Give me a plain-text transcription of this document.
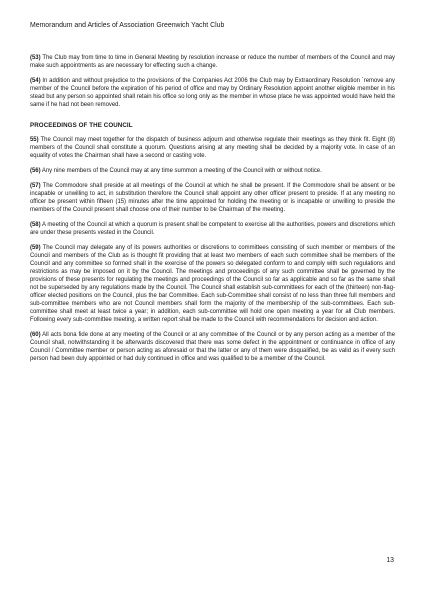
Memorandum and Articles of Association Greenwich Yacht Club

(53) The Club may from time to time in General Meeting by resolution increase or reduce the number of members of the Council and may make such appointments as are necessary for effecting such a change.

(54) In addition and without prejudice to the provisions of the Companies Act 2006 the Club may by Extraordinary Resolution `remove any member of the Council before the expiration of his period of office and may by Ordinary Resolution appoint another eligible member in his stead but any person so appointed shall retain his office so long only as the member in whose place he was appointed would have held the same if he had not been removed.

PROCEEDINGS OF THE COUNCIL

55) The Council may meet together for the dispatch of business adjourn and otherwise regulate their meetings as they think fit. Eight (8) members of the Council shall constitute a quorum. Questions arising at any meeting shall be decided by a majority vote. In case of an equality of votes the Chairman shall have a second or casting vote.

(56) Any nine members of the Council may at any time summon a meeting of the Council with or without notice.

(57) The Commodore shall preside at all meetings of the Council at which he shall be present. If the Commodore shall be absent or be incapable or unwilling to act, in substitution therefore the Council shall appoint any other officer present to preside. If at any meeting no officer be present within fifteen (15) minutes after the time appointed for holding the meeting or is incapable or unwilling to preside the members of the Council present shall choose one of their number to be Chairman of the meeting.

(58) A meeting of the Council at which a quorum is present shall be competent to exercise all the authorities, powers and discretions which are under these presents vested in the Council.

(59) The Council may delegate any of its powers authorities or discretions to committees consisting of such member or members of the Council and members of the Club as is thought fit providing that at least two members of each such committee shall be members of the Council and any committee so formed shall in the exercise of the powers so delegated conform to and comply with such regulations and restrictions as may be imposed on it by the Council. The meetings and proceedings of any such committee shall be governed by the provisions of these presents for regulating the meetings and proceedings of the Council so far as applicable and so far as the same shall not be superseded by any regulations made by the Council. The Council shall establish sub-committees for each of the (thirteen) non-flag-officer elected positions on the Council, plus the bar Committee. Each sub-Committee shall consist of no less than three full members and sub-committee members who are not Council members shall form the majority of the membership of the sub-committees. Each sub-committee shall meet at least twice a year; in addition, each sub-committee will hold one open meeting a year for all Club members. Following every sub-committee meeting, a written report shall be made to the Council with recommendations for decision and action.

(60) All acts bona fide done at any meeting of the Council or at any committee of the Council or by any person acting as a member of the Council shall, notwithstanding it be afterwards discovered that there was some defect in the appointment or continuance in office of any Council / Committee member or person acting as aforesaid or that the latter or any of them were disqualified, be as valid as if every such person had been duly appointed or had duly continued in office and was qualified to be a member of the Council.

13
